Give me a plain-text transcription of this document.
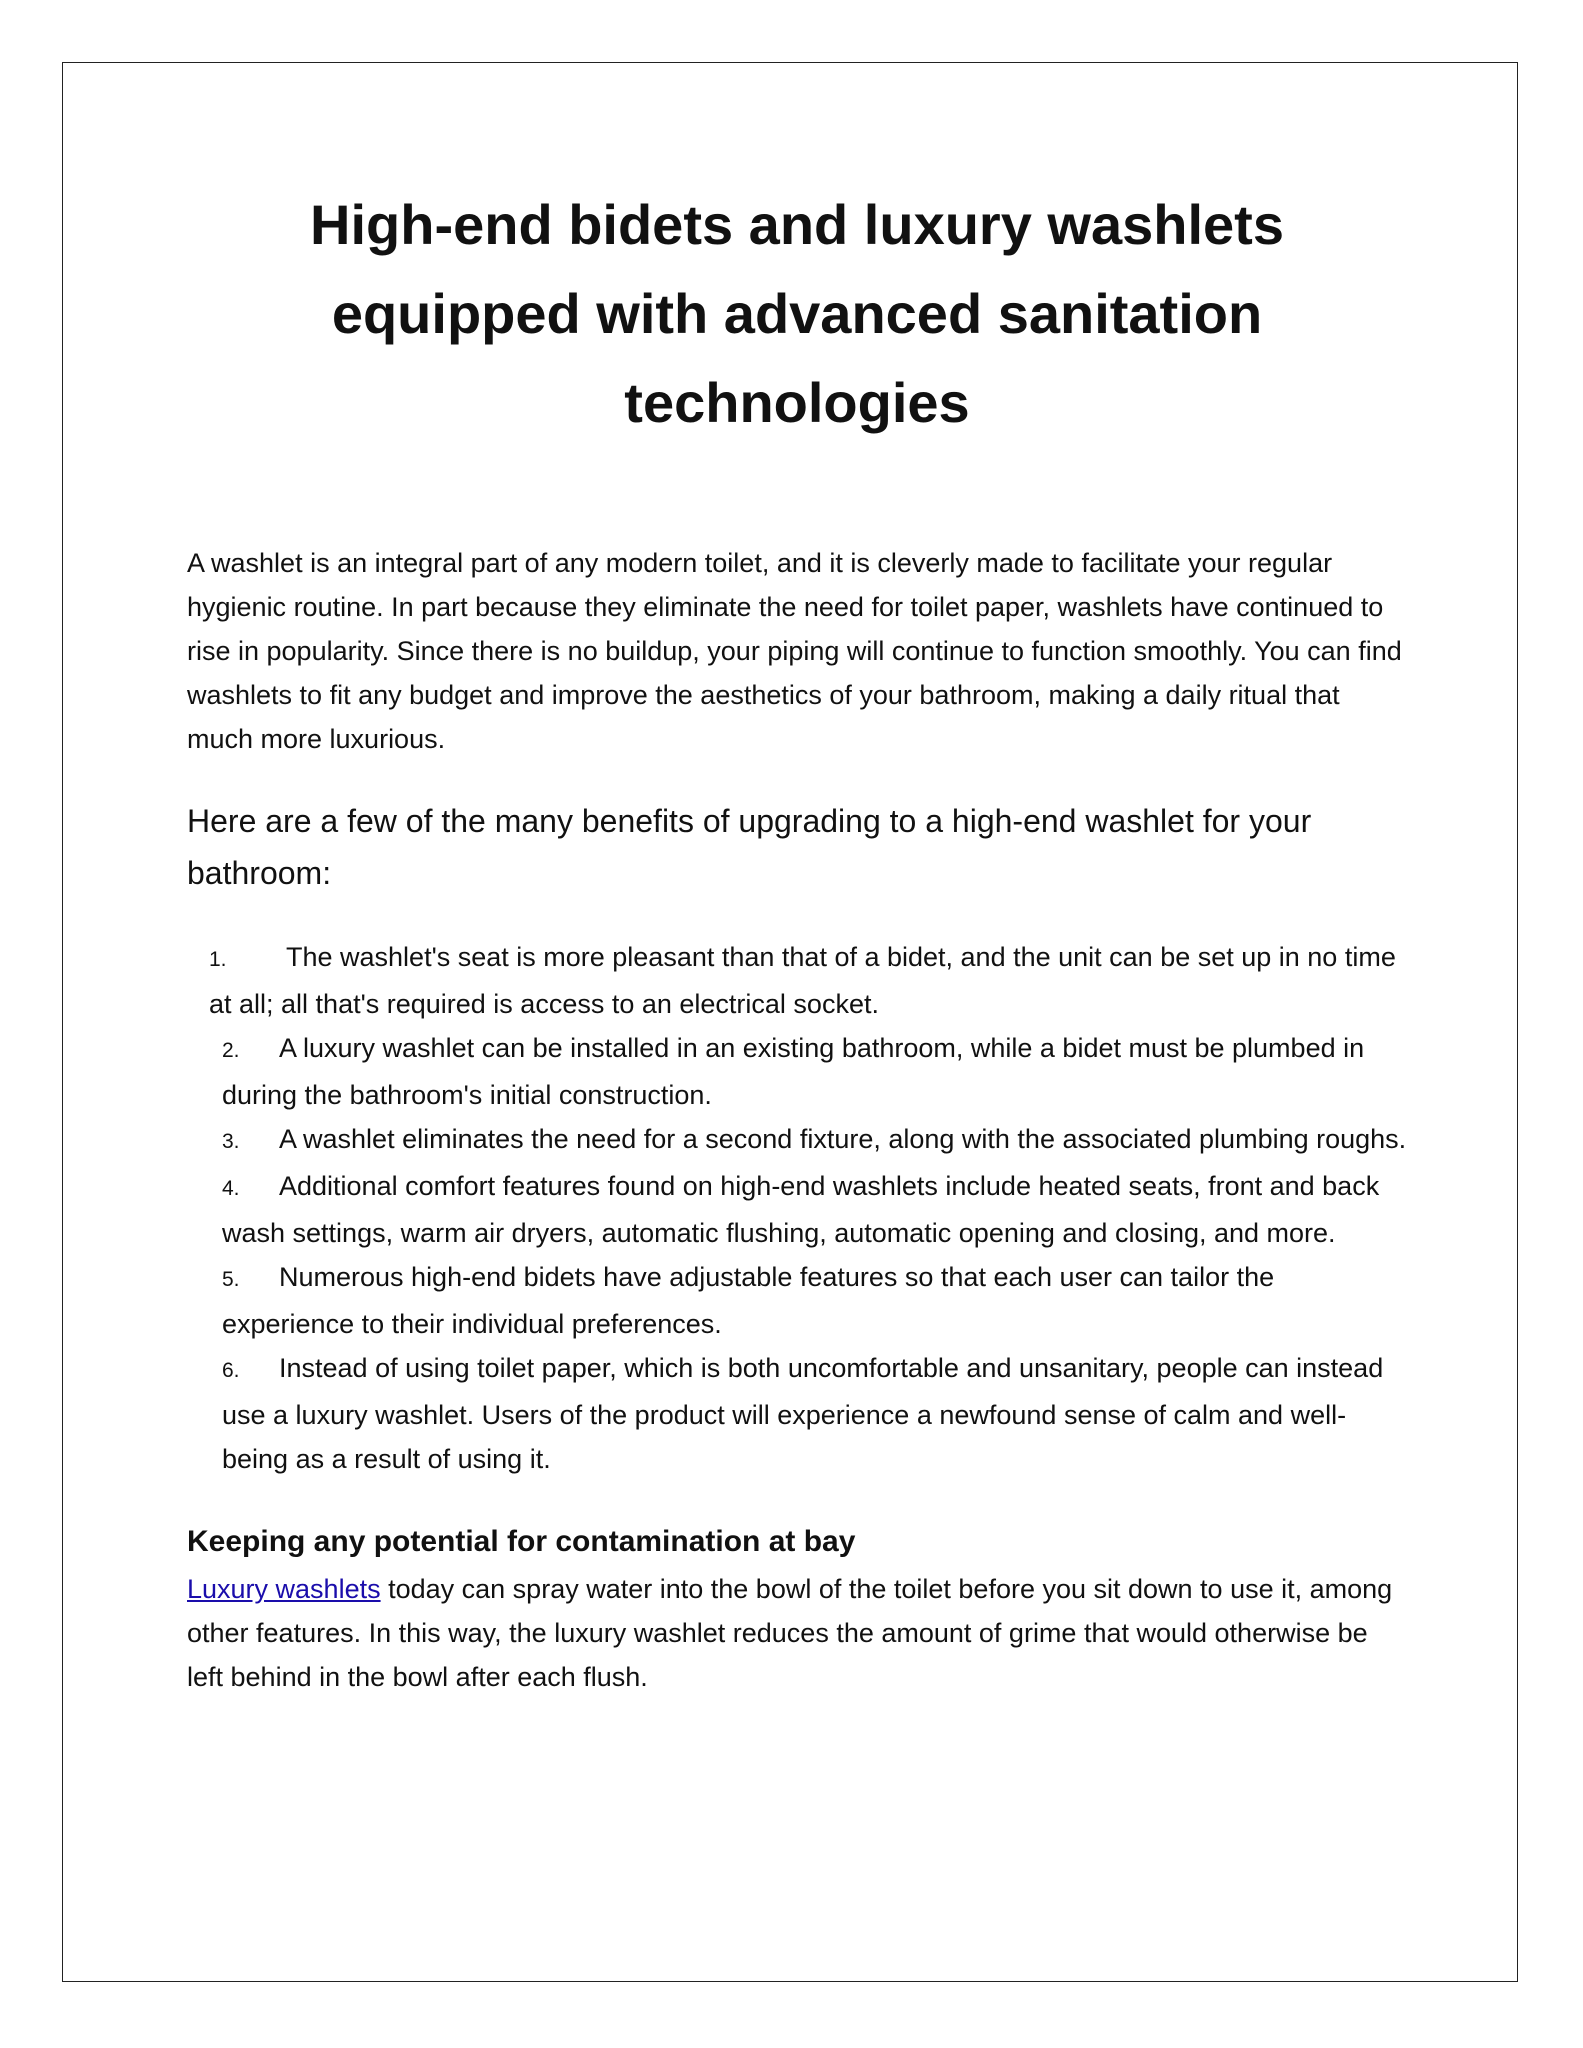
High-end bidets and luxury washlets equipped with advanced sanitation technologies

A washlet is an integral part of any modern toilet, and it is cleverly made to facilitate your regular hygienic routine. In part because they eliminate the need for toilet paper, washlets have continued to rise in popularity. Since there is no buildup, your piping will continue to function smoothly. You can find washlets to fit any budget and improve the aesthetics of your bathroom, making a daily ritual that much more luxurious.

Here are a few of the many benefits of upgrading to a high-end washlet for your bathroom:

1. The washlet's seat is more pleasant than that of a bidet, and the unit can be set up in no time at all; all that's required is access to an electrical socket.
2. A luxury washlet can be installed in an existing bathroom, while a bidet must be plumbed in during the bathroom's initial construction.
3. A washlet eliminates the need for a second fixture, along with the associated plumbing roughs.
4. Additional comfort features found on high-end washlets include heated seats, front and back wash settings, warm air dryers, automatic flushing, automatic opening and closing, and more.
5. Numerous high-end bidets have adjustable features so that each user can tailor the experience to their individual preferences.
6. Instead of using toilet paper, which is both uncomfortable and unsanitary, people can instead use a luxury washlet. Users of the product will experience a newfound sense of calm and well-being as a result of using it.
Keeping any potential for contamination at bay

Luxury washlets today can spray water into the bowl of the toilet before you sit down to use it, among other features. In this way, the luxury washlet reduces the amount of grime that would otherwise be left behind in the bowl after each flush.
